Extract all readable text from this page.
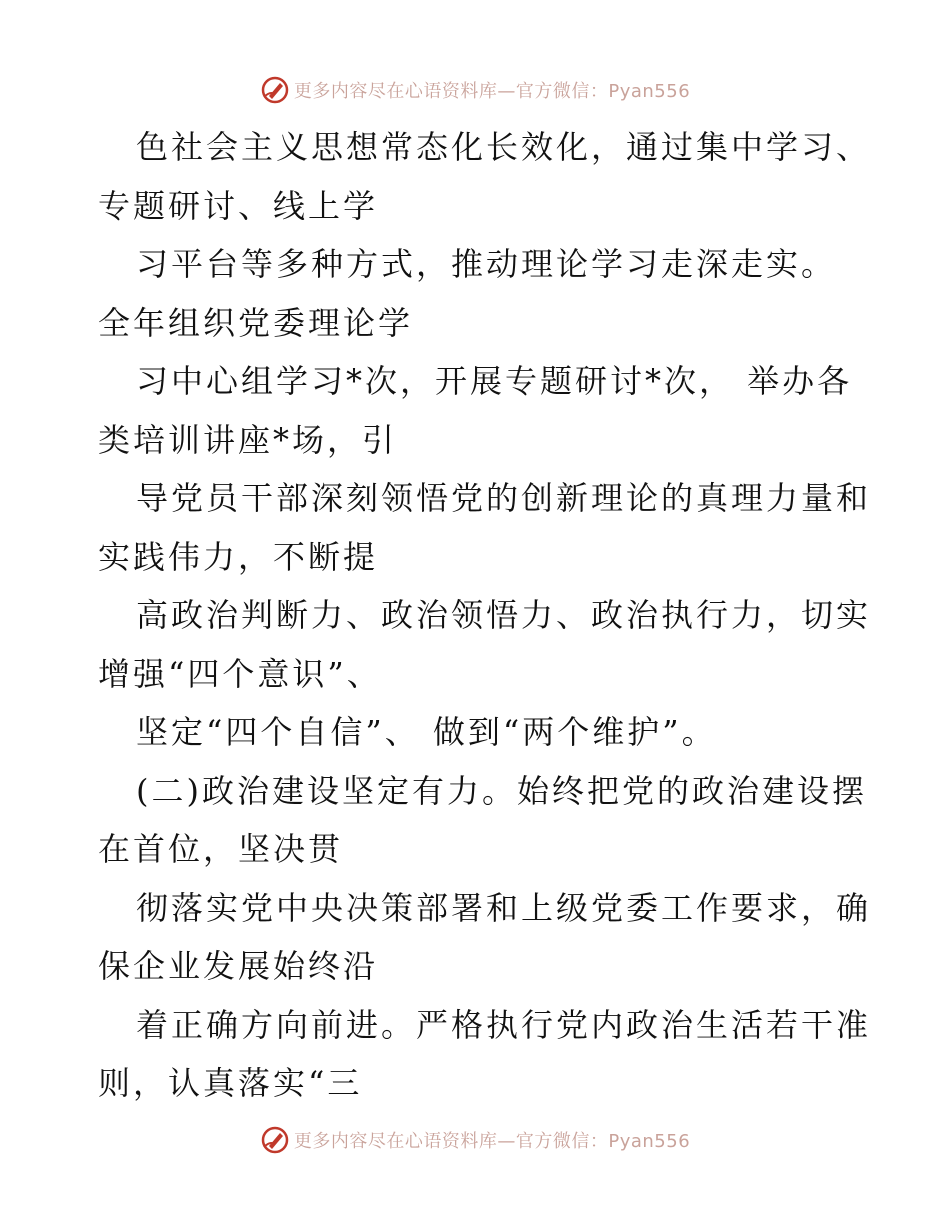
更多内容尽在心语资料库—官方微信：Pyan556

色社会主义思想常态化长效化，通过集中学习、

专题研讨、线上学

习平台等多种方式，推动理论学习走深走实。

全年组织党委理论学

习中心组学习*次，开展专题研讨*次， 举办各

类培训讲座*场，引

导党员干部深刻领悟党的创新理论的真理力量和

实践伟力，不断提

高政治判断力、政治领悟力、政治执行力，切实

增强“四个意识”、

坚定“四个自信”、 做到“两个维护”。

(二)政治建设坚定有力。始终把党的政治建设摆

在首位，坚决贯

彻落实党中央决策部署和上级党委工作要求，确

保企业发展始终沿

着正确方向前进。严格执行党内政治生活若干准

则，认真落实“三

更多内容尽在心语资料库—官方微信：Pyan556
